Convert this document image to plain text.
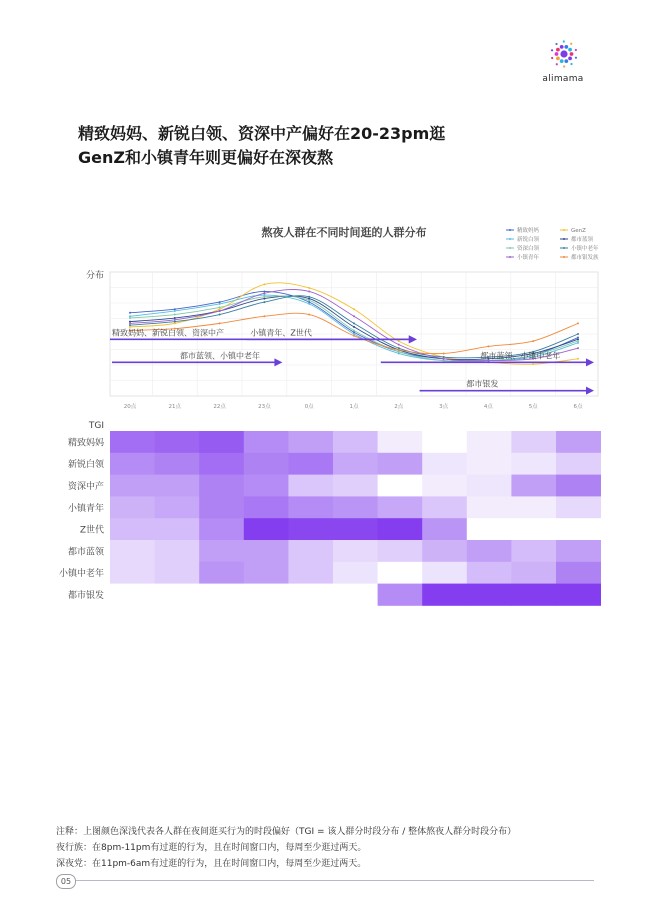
alimama
精致妈妈、新锐白领、资深中产偏好在20-23pm逛
GenZ和小镇青年则更偏好在深夜熬
熬夜人群在不同时间逛的人群分布
分布
20点	21点	22点	23点	0点	1点	2点	3点	4点	5点	6点
精致妈妈	GenZ
新锐白领	都市蓝领
资深白领	小镇中老年
小镇青年	都市银发族
精致妈妈、新锐白领、资深中产	小镇青年、Z世代
都市蓝领、小镇中老年	都市蓝领、小镇中老年
都市银发
TGI
精致妈妈
新锐白领
资深中产
小镇青年
Z世代
都市蓝领
小镇中老年
都市银发
注释：上图颜色深浅代表各人群在夜间逛买行为的时段偏好（TGI = 该人群分时段分布 / 整体熬夜人群分时段分布）
夜行族：在8pm-11pm有过逛的行为，且在时间窗口内，每周至少逛过两天。
深夜党：在11pm-6am有过逛的行为，且在时间窗口内，每周至少逛过两天。
05
